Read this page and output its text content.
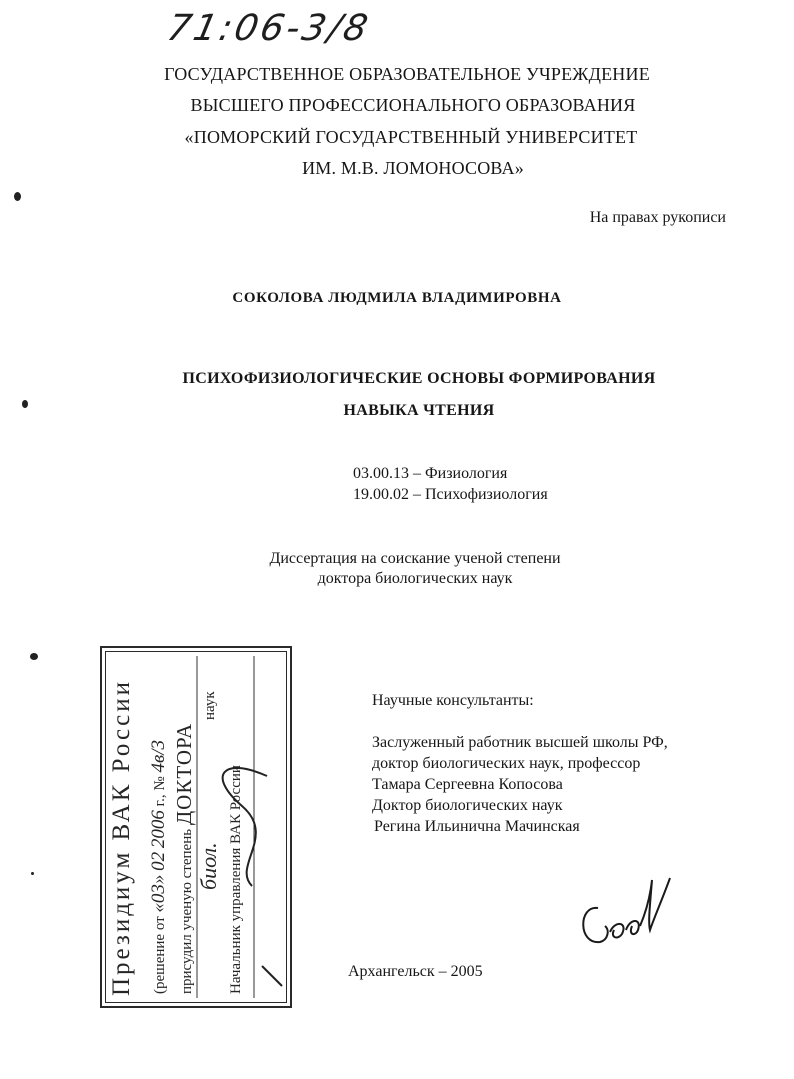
71:06-3/8
ГОСУДАРСТВЕННОЕ ОБРАЗОВАТЕЛЬНОЕ УЧРЕЖДЕНИЕ
ВЫСШЕГО ПРОФЕССИОНАЛЬНОГО ОБРАЗОВАНИЯ
«ПОМОРСКИЙ ГОСУДАРСТВЕННЫЙ УНИВЕРСИТЕТ
ИМ. М.В. ЛОМОНОСОВА»
На правах рукописи
СОКОЛОВА ЛЮДМИЛА ВЛАДИМИРОВНА
ПСИХОФИЗИОЛОГИЧЕСКИЕ ОСНОВЫ ФОРМИРОВАНИЯ
НАВЫКА ЧТЕНИЯ
03.00.13 – Физиология
19.00.02 – Психофизиология
Диссертация на соискание ученой степени
доктора биологических наук
Научные консультанты:
Заслуженный работник высшей школы РФ,
доктор биологических наук, профессор
Тамара Сергеевна Копосова
Доктор биологических наук
Регина Ильинична Мачинская
Архангельск – 2005
Президиум ВАК России (решение от «03» 02 2006 г., № 4в/3
присудил ученую степень ДОКТОРА
биол.
наук
Начальник управления ВАК России
